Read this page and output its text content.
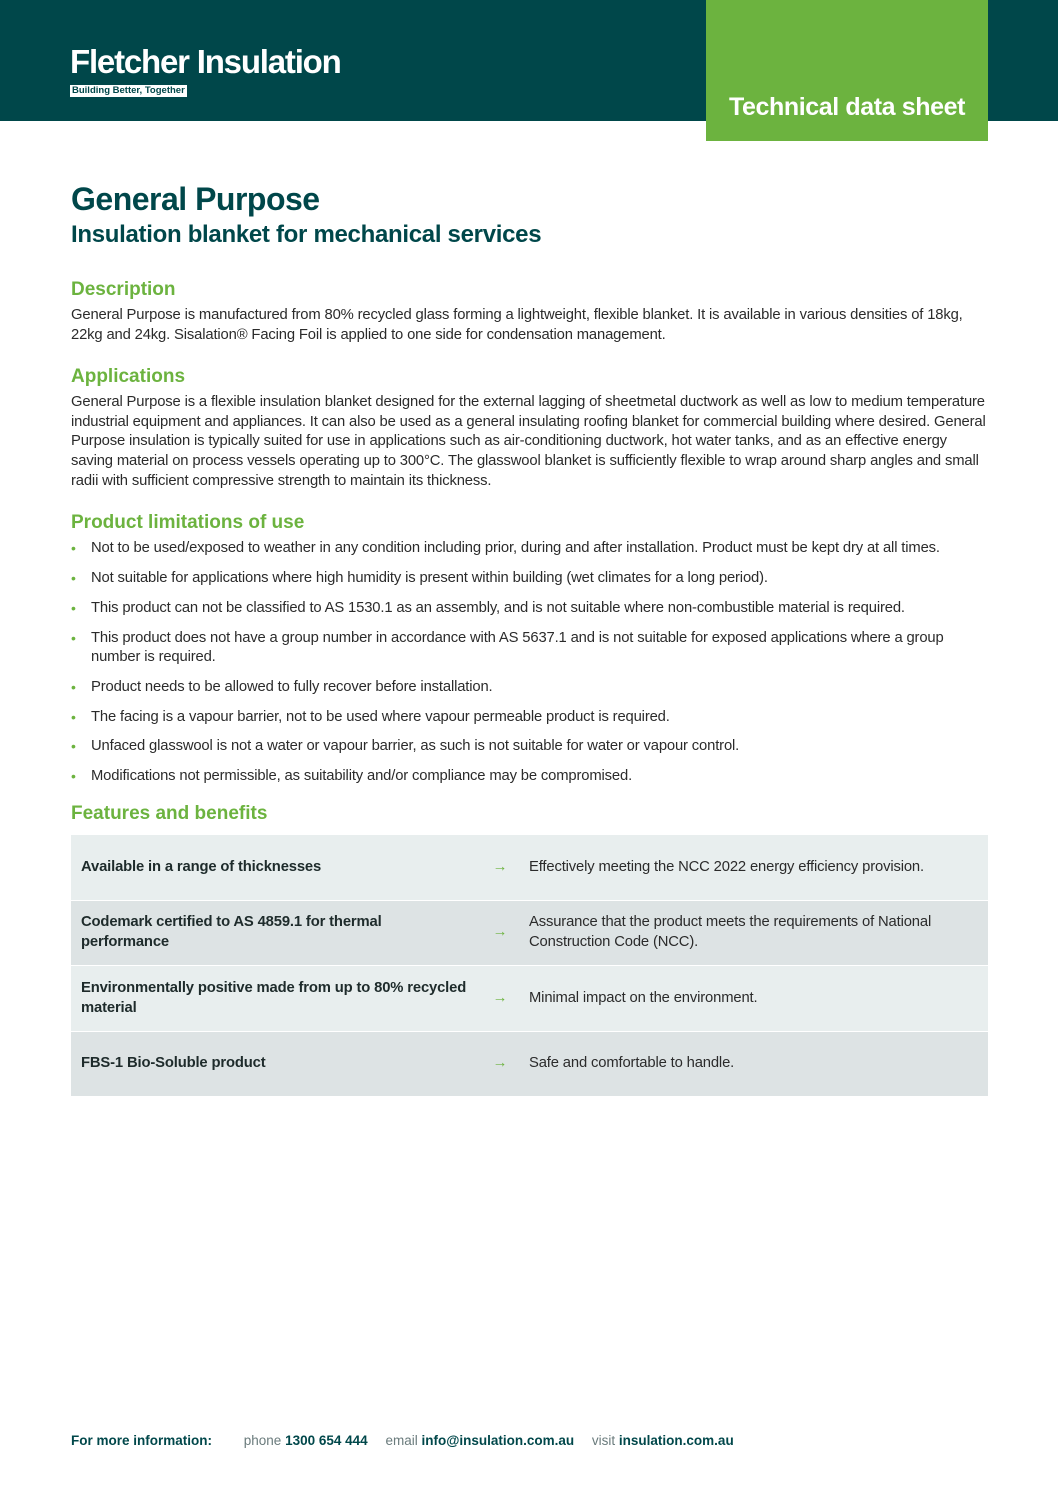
Fletcher Insulation
Building Better, Together
Technical data sheet
General Purpose
Insulation blanket for mechanical services
Description

General Purpose is manufactured from 80% recycled glass forming a lightweight, flexible blanket. It is available in various densities of 18kg, 22kg and 24kg. Sisalation® Facing Foil is applied to one side for condensation management.

Applications

General Purpose is a flexible insulation blanket designed for the external lagging of sheetmetal ductwork as well as low to medium temperature industrial equipment and appliances. It can also be used as a general insulating roofing blanket for commercial building where desired. General Purpose insulation is typically suited for use in applications such as air-conditioning ductwork, hot water tanks, and as an effective energy saving material on process vessels operating up to 300°C. The glasswool blanket is sufficiently flexible to wrap around sharp angles and small radii with sufficient compressive strength to maintain its thickness.

Product limitations of use
• Not to be used/exposed to weather in any condition including prior, during and after installation. Product must be kept dry at all times.
• Not suitable for applications where high humidity is present within building (wet climates for a long period).
• This product can not be classified to AS 1530.1 as an assembly, and is not suitable where non-combustible material is required.
• This product does not have a group number in accordance with AS 5637.1 and is not suitable for exposed applications where a group number is required.
• Product needs to be allowed to fully recover before installation.
• The facing is a vapour barrier, not to be used where vapour permeable product is required.
• Unfaced glasswool is not a water or vapour barrier, as such is not suitable for water or vapour control.
• Modifications not permissible, as suitability and/or compliance may be compromised.
Features and benefits
Available in a range of thicknesses	→	Effectively meeting the NCC 2022 energy efficiency provision.
Codemark certified to AS 4859.1 for thermal performance	→	Assurance that the product meets the requirements of National Construction Code (NCC).
Environmentally positive made from up to 80% recycled material	→	Minimal impact on the environment.
FBS-1 Bio-Soluble product	→	Safe and comfortable to handle.
For more information: phone 1300 654 444 email info@insulation.com.au visit insulation.com.au
